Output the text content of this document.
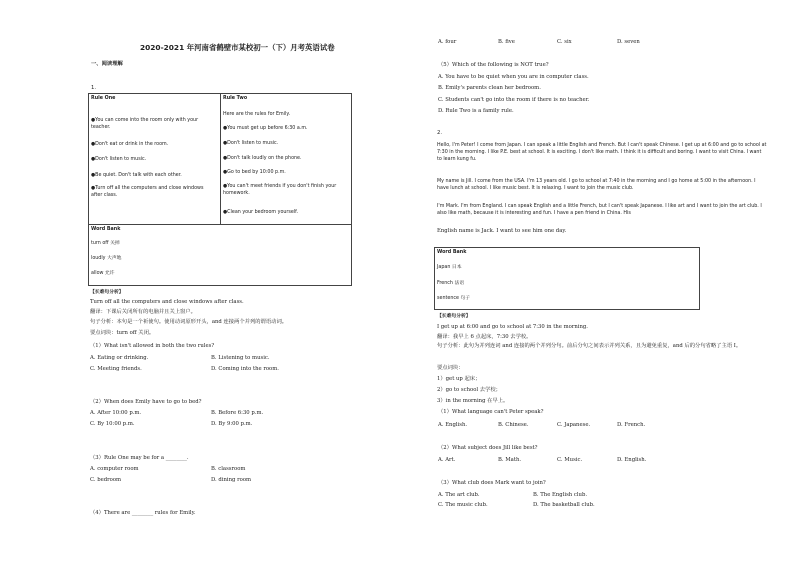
2020-2021 年河南省鹤壁市某校初一（下）月考英语试卷
一、阅读理解
1.
Rule One
●You can come into the room only with your teacher.
●Don't eat or drink in the room.
●Don't listen to music.
●Be quiet. Don't talk with each other.
●Turn off all the computers and close windows after class.
Rule Two
Here are the rules for Emily.
●You must get up before 6:30 a.m.
●Don't listen to music.
●Don't talk loudly on the phone.
●Go to bed by 10:00 p.m.
●You can't meet friends if you don't finish your homework.
●Clean your bedroom yourself.
Word Bank
turn off 关掉
loudly 大声地
allow 允许
【长难句分析】
Turn off all the computers and close windows after class.
翻译：下课后关闭所有的电脑并且关上窗户。
句子分析：本句是一个祈使句。使用动词原形开头，and 连接两个并列的谓语动词。
要点词块：turn off 关闭。
（1）What isn't allowed in both the two rules?
A. Eating or drinking.	B. Listening to music.
C. Meeting friends.	D. Coming into the room.
（2）When does Emily have to go to bed?
A. After 10:00 p.m.	B. Before 6:30 p.m.
C. By 10:00 p.m.	D. By 9:00 p.m.
（3）Rule One may be for a ________.
A. computer room	B. classroom
C. bedroom	D. dining room
（4）There are ________ rules for Emily.
A. four	B. five	C. six	D. seven
（5）Which of the following is NOT true?
A. You have to be quiet when you are in computer class.
B. Emily's parents clean her bedroom.
C. Students can't go into the room if there is no teacher.
D. Rule Two is a family rule.
2.
Hello, I'm Peter! I come from Japan. I can speak a little English and French. But I can't speak Chinese. I get up at 6:00 and go to school at 7:30 in the morning. I like P.E. best at school. It is exciting. I don't like math. I think it is difficult and boring. I want to visit China. I want to learn kung fu.
My name is Jill. I come from the USA. I'm 13 years old. I go to school at 7:40 in the morning and I go home at 5:00 in the afternoon. I have lunch at school. I like music best. It is relaxing. I want to join the music club.
I'm Mark. I'm from England. I can speak English and a little French, but I can't speak Japanese. I like art and I want to join the art club. I also like math, because it is interesting and fun. I have a pen friend in China. His
English name is Jack. I want to see him one day.
Word Bank
Japan 日本
French 法语
sentence 句子
【长难句分析】
I get up at 6:00 and go to school at 7:30 in the morning.
翻译：我早上 6 点起床，7:30 去学校。
句子分析：此句为并列连词 and 连接的两个并列分句。前后分句之间表示并列关系，且为避免重复，and 后的分句省略了主语 I。
要点词块：
1）get up 起床；
2）go to school 去学校；
3）in the morning 在早上。
（1）What language can't Peter speak?
A. English.	B. Chinese.	C. Japanese.	D. French.
（2）What subject does Jill like best?
A. Art.	B. Math.	C. Music.	D. English.
（3）What club does Mark want to join?
A. The art club.	B. The English club.
C. The music club.	D. The basketball club.
